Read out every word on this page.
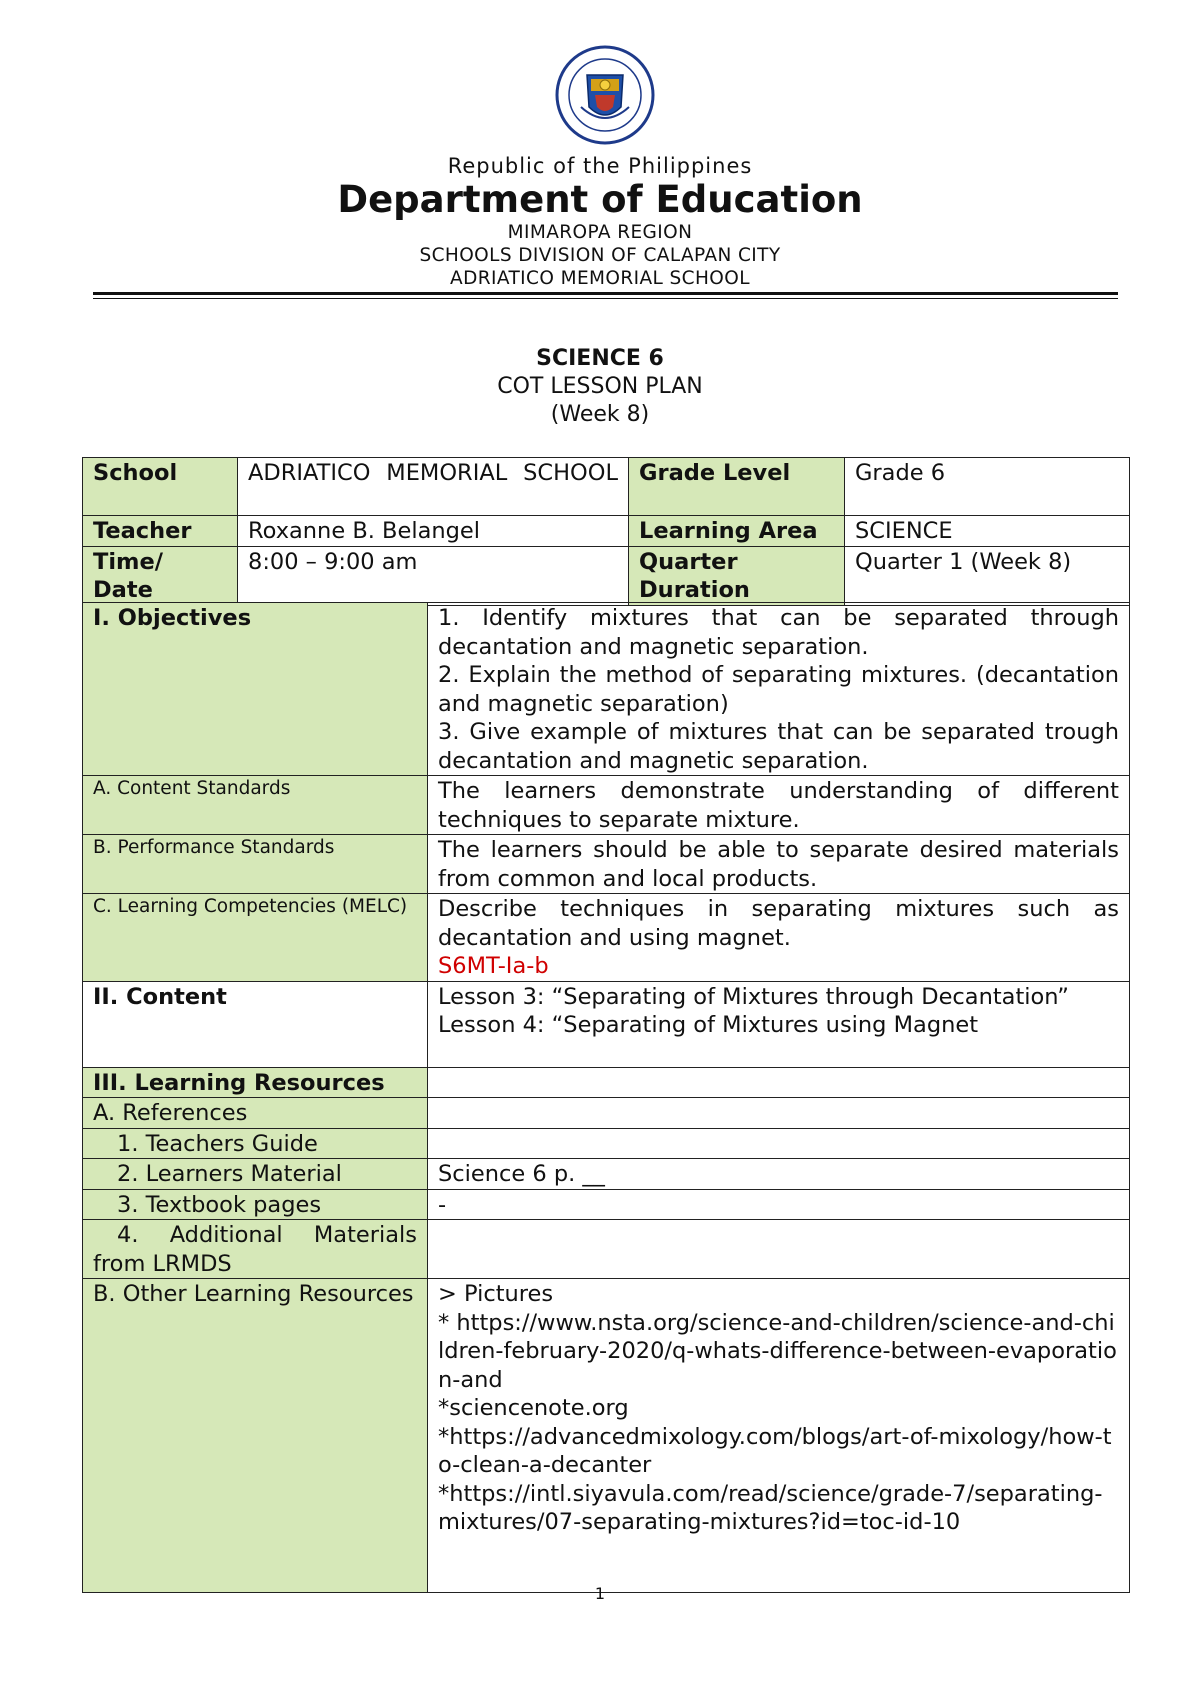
Republic of the Philippines
Department of Education
MIMAROPA REGION
SCHOOLS DIVISION OF CALAPAN CITY
ADRIATICO MEMORIAL SCHOOL
SCIENCE 6
COT LESSON PLAN
(Week 8)
School	ADRIATICO MEMORIAL SCHOOL	Grade Level	Grade 6
Teacher	Roxanne B. Belangel	Learning Area	SCIENCE
Time/ Date	8:00 – 9:00 am	Quarter Duration	Quarter 1 (Week 8)
I. Objectives	1. Identify mixtures that can be separated through decantation and magnetic separation.
2. Explain the method of separating mixtures. (decantation and magnetic separation)
3. Give example of mixtures that can be separated trough decantation and magnetic separation.

A. Content Standards	The learners demonstrate understanding of different techniques to separate mixture.
B. Performance Standards	The learners should be able to separate desired materials from common and local products.
C. Learning Competencies (MELC)	Describe techniques in separating mixtures such as decantation and using magnet.
S6MT-Ia-b

II. Content	Lesson 3: “Separating of Mixtures through Decantation”
Lesson 4: “Separating of Mixtures using Magnet

III. Learning Resources	
A. References	
1. Teachers Guide	
2. Learners Material	Science 6 p. __
3. Textbook pages	-
4. Additional Materials from LRMDS	
B. Other Learning Resources	> Pictures
* https://www.nsta.org/science-and-children/science-and-children-february-2020/q-whats-difference-between-evaporation-and
*sciencenote.org
*https://advancedmixology.com/blogs/art-of-mixology/how-to-clean-a-decanter
*https://intl.siyavula.com/read/science/grade-7/separating-mixtures/07-separating-mixtures?id=toc-id-10
1
